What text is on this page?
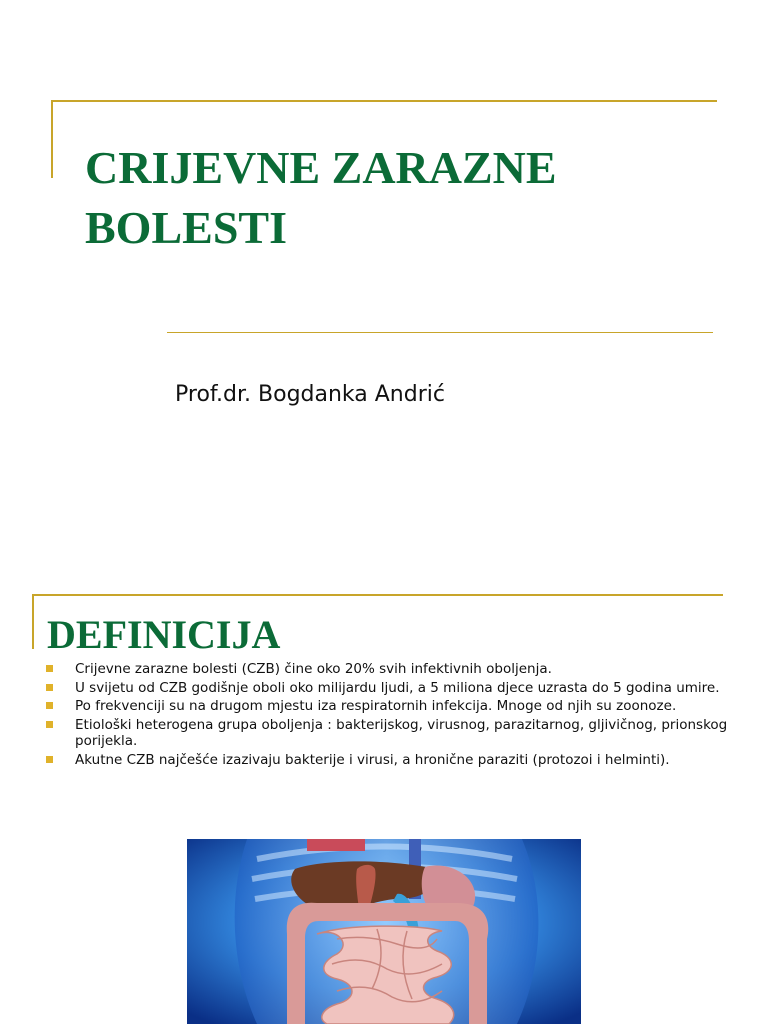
CRIJEVNE ZARAZNE
BOLESTI

Prof.dr. Bogdanka Andrić

DEFINICIJA
Crijevne zarazne bolesti (CZB) čine oko 20% svih infektivnih oboljenja.
U svijetu od CZB godišnje oboli oko milijardu ljudi, a 5 miliona djece uzrasta do 5 godina umire.
Po frekvenciji su na drugom mjestu iza respiratornih infekcija. Mnoge od njih su zoonoze.
Etiološki heterogena grupa oboljenja : bakterijskog, virusnog, parazitarnog, gljivičnog, prionskog porijekla.
Akutne CZB najčešće izazivaju bakterije i virusi, a hronične paraziti (protozoi i helminti).
